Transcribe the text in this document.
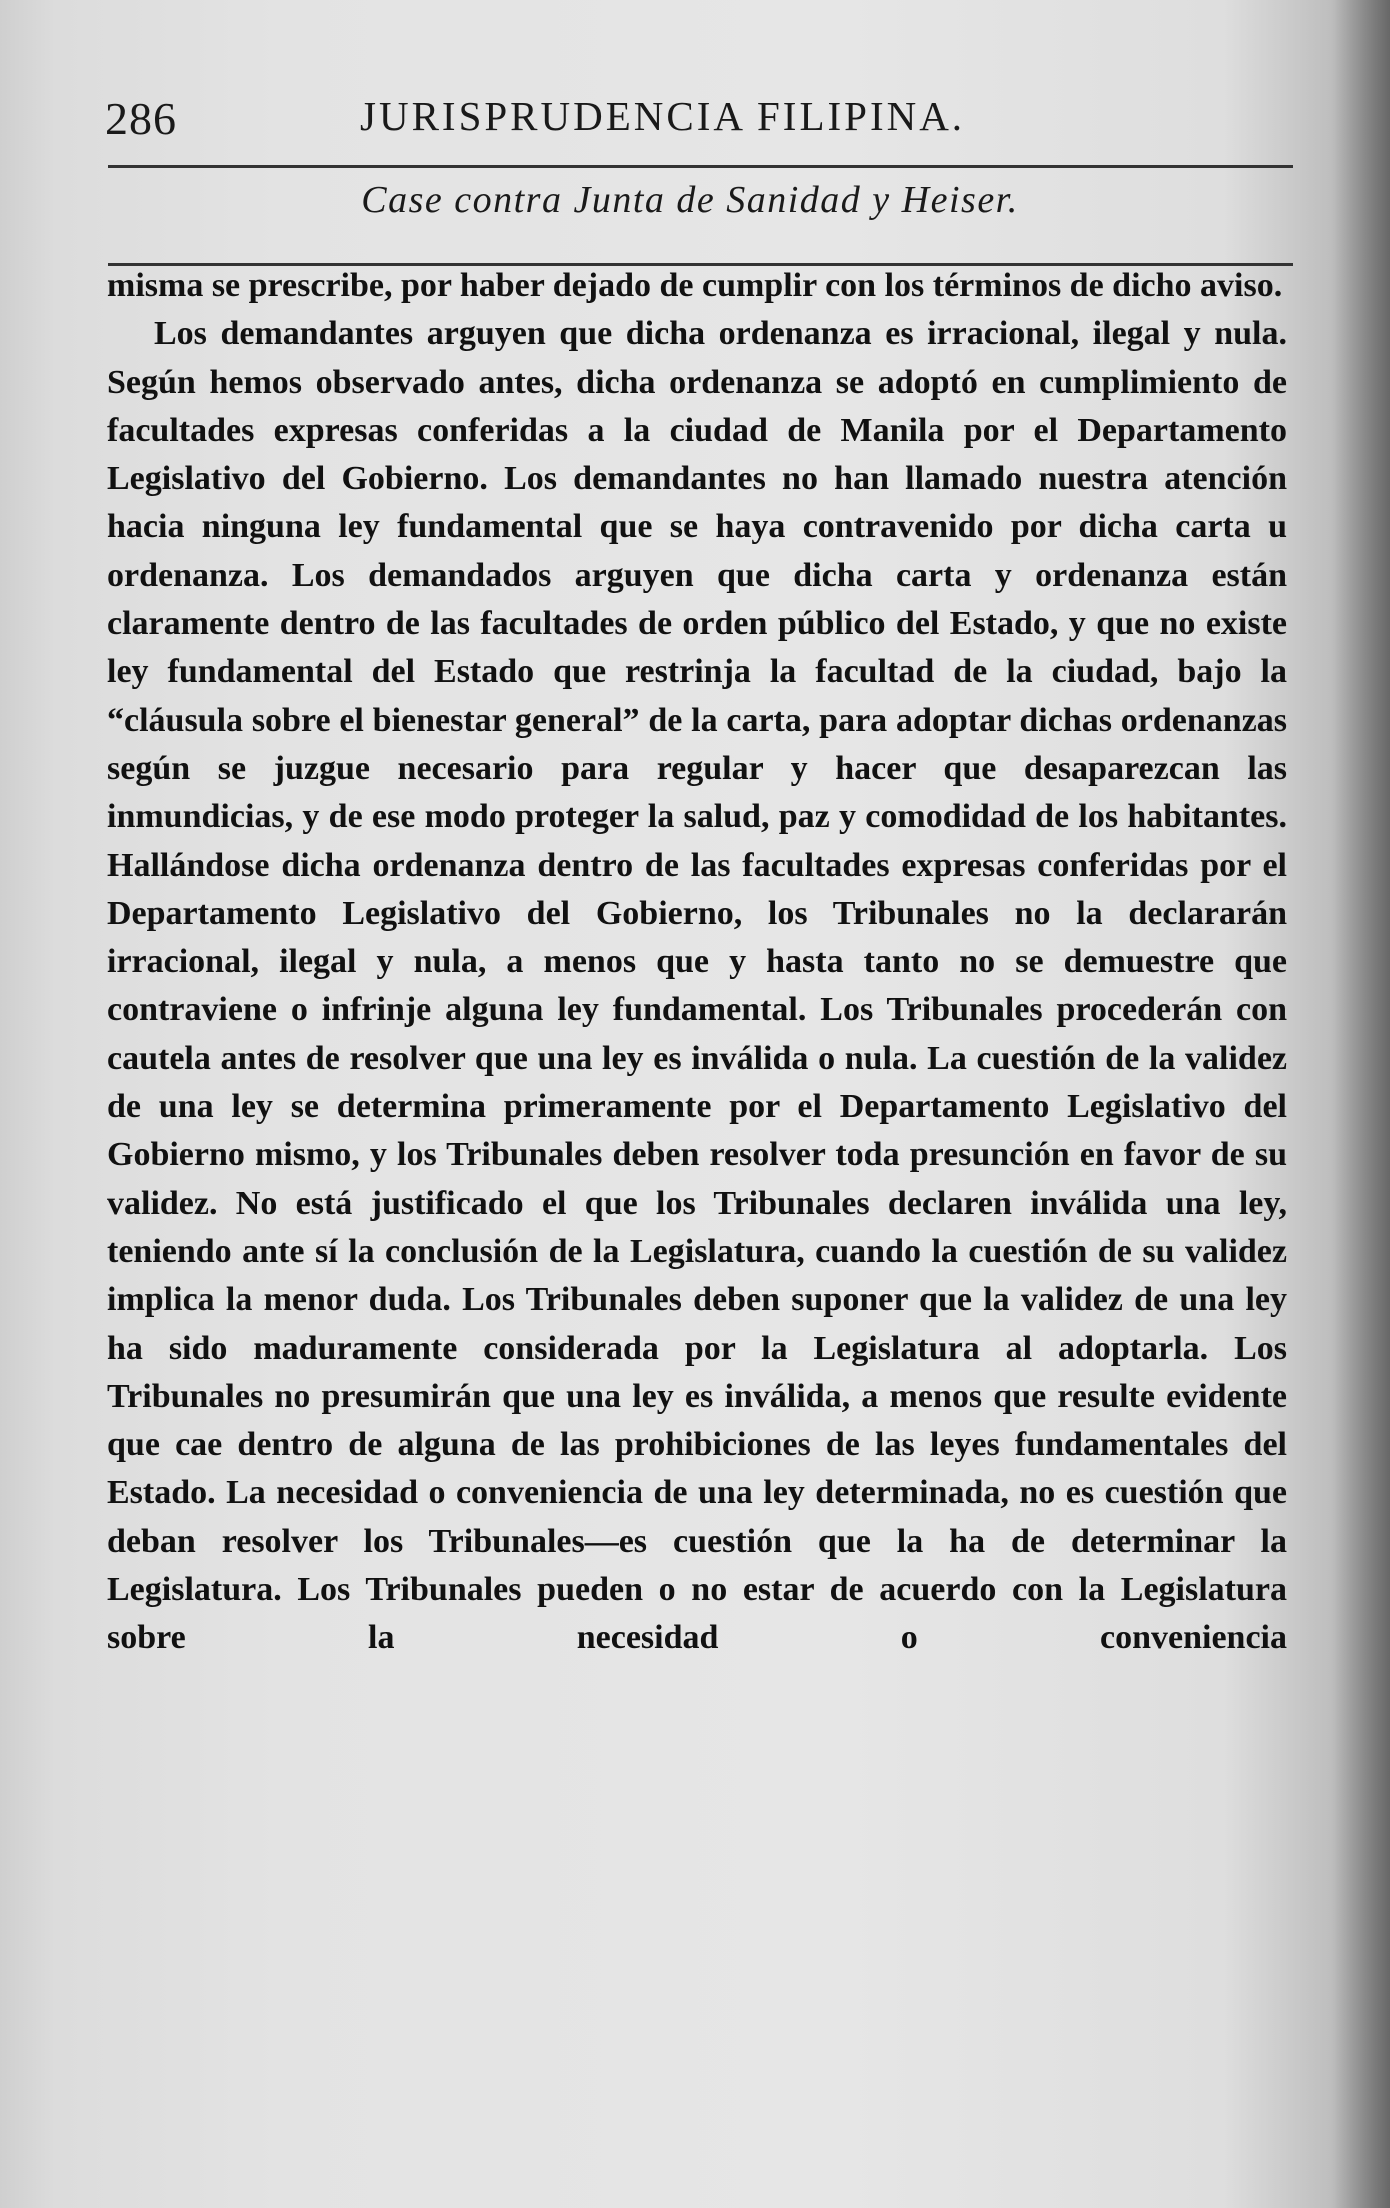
286	JURISPRUDENCIA FILIPINA.
Case contra Junta de Sanidad y Heiser.

misma se prescribe, por haber dejado de cumplir con los términos de dicho aviso.

Los demandantes arguyen que dicha ordenanza es irracional, ilegal y nula. Según hemos observado antes, dicha ordenanza se adoptó en cumplimiento de facultades expresas conferidas a la ciudad de Manila por el Departamento Legislativo del Gobierno. Los demandantes no han llamado nuestra atención hacia ninguna ley fundamental que se haya contravenido por dicha carta u ordenanza. Los demandados arguyen que dicha carta y ordenanza están claramente dentro de las facultades de orden público del Estado, y que no existe ley fundamental del Estado que restrinja la facultad de la ciudad, bajo la “cláusula sobre el bienestar general” de la carta, para adoptar dichas ordenanzas según se juzgue necesario para regular y hacer que desaparezcan las inmundicias, y de ese modo proteger la salud, paz y comodidad de los habitantes. Hallándose dicha ordenanza dentro de las facultades expresas conferidas por el Departamento Legislativo del Gobierno, los Tribunales no la declararán irracional, ilegal y nula, a menos que y hasta tanto no se demuestre que contraviene o infrinje alguna ley fundamental. Los Tribunales procederán con cautela antes de resolver que una ley es inválida o nula. La cuestión de la validez de una ley se determina primeramente por el Departamento Legislativo del Gobierno mismo, y los Tribunales deben resolver toda presunción en favor de su validez. No está justificado el que los Tribunales declaren inválida una ley, teniendo ante sí la conclusión de la Legislatura, cuando la cuestión de su validez implica la menor duda. Los Tribunales deben suponer que la validez de una ley ha sido maduramente considerada por la Legislatura al adoptarla. Los Tribunales no presumirán que una ley es inválida, a menos que resulte evidente que cae dentro de alguna de las prohibiciones de las leyes fundamentales del Estado. La necesidad o conveniencia de una ley determinada, no es cuestión que deban resolver los Tribunales—es cuestión que la ha de determinar la Legislatura. Los Tribunales pueden o no estar de acuerdo con la Legislatura sobre la necesidad o conveniencia
